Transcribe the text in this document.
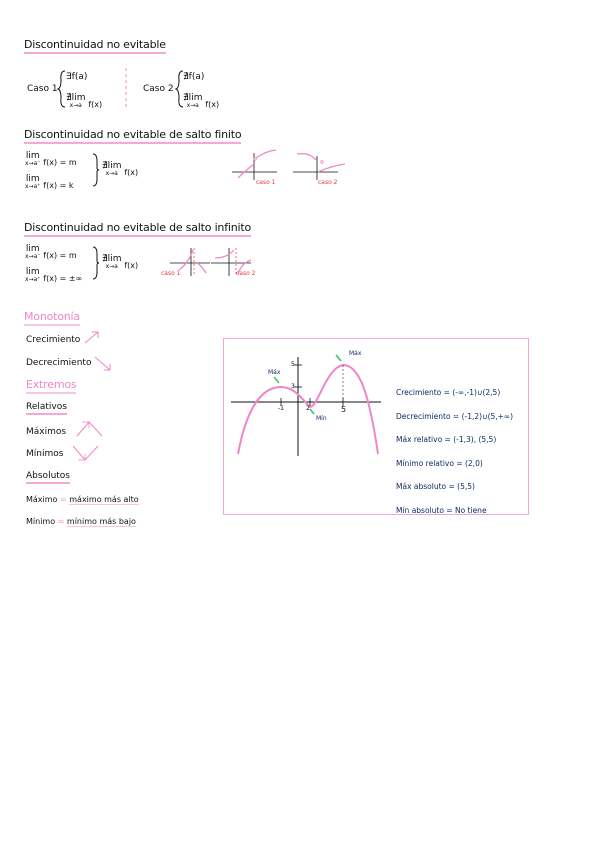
Discontinuidad no evitable
Caso 1
∃f(a)
∄lim
x→a f(x)
Caso 2
∄f(a)
∄lim
x→a f(x)
Discontinuidad no evitable de salto finito
lim
x→a⁻ f(x) = m
lim
x→a⁺ f(x) = k
∄lim
x→a f(x)
caso 1	caso 2
Discontinuidad no evitable de salto infinito
lim
x→a⁻ f(x) = m
lim
x→a⁺ f(x) = ±∞
∄lim
x→a f(x)
caso 1	caso 2
Monotonía
Crecimiento
Decrecimiento
Extremos
Relativos
Máximos
Mínimos
Absolutos
Máximo = máximo más alto
Mínimo = mínimo más bajo
Máx
Máx
Mín
5
3
-1	2	5
Crecimiento = (-∞,-1)∪(2,5)
Decrecimiento = (-1,2)∪(5,+∞)
Máx relativo = (-1,3), (5,5)
Mínimo relativo = (2,0)
Máx absoluto = (5,5)
Mín absoluto = No tiene
